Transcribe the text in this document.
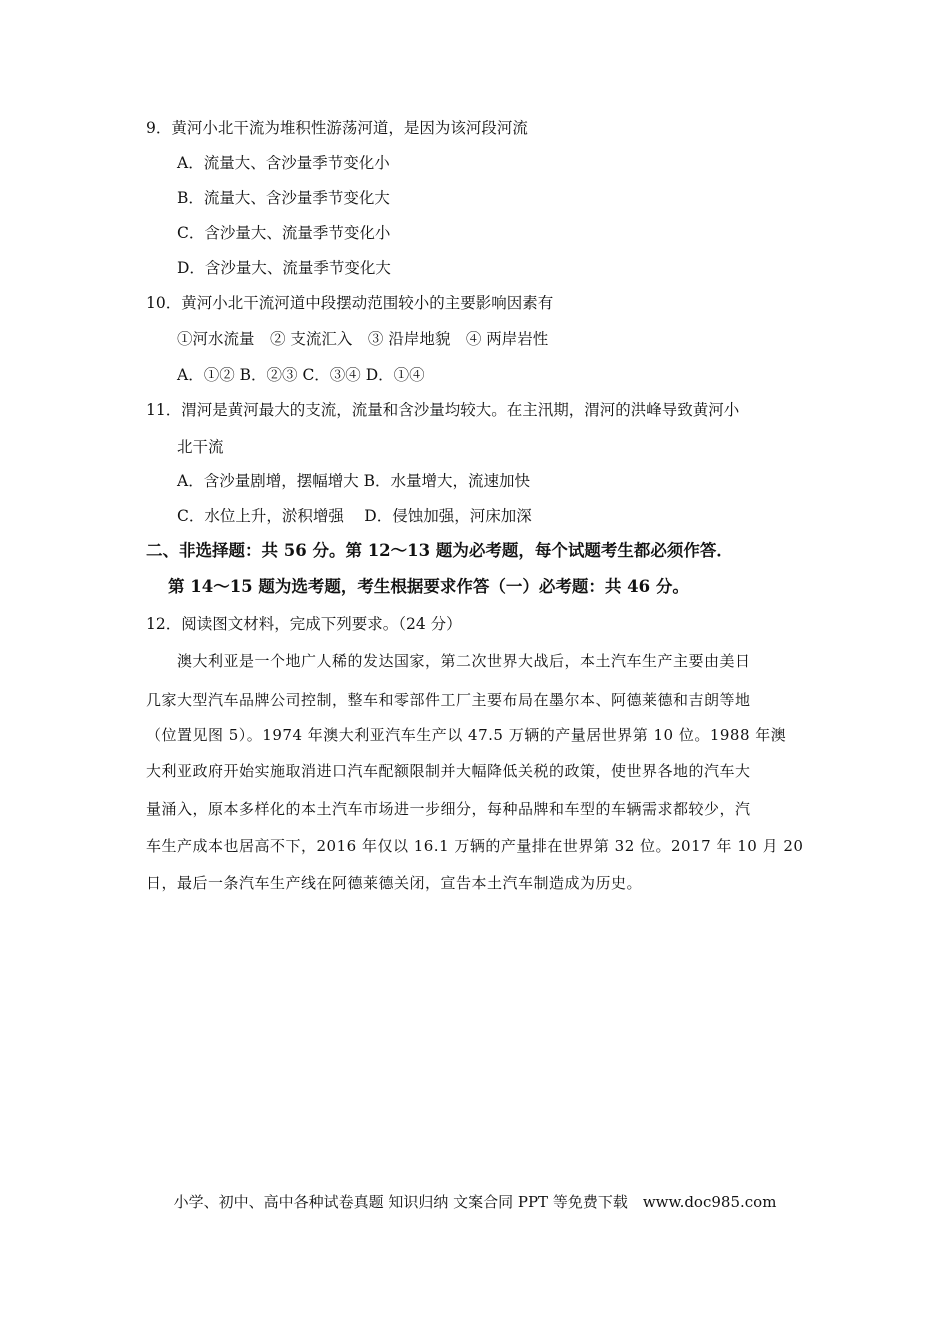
9．黄河小北干流为堆积性游荡河道，是因为该河段河流
A．流量大、含沙量季节变化小
B．流量大、含沙量季节变化大
C．含沙量大、流量季节变化小
D．含沙量大、流量季节变化大
10．黄河小北干流河道中段摆动范围较小的主要影响因素有
①河水流量　② 支流汇入　③ 沿岸地貌　④ 两岸岩性
A．①② B．②③ C．③④ D．①④
11．渭河是黄河最大的支流，流量和含沙量均较大。在主汛期，渭河的洪峰导致黄河小
北干流
A．含沙量剧增，摆幅增大 B．水量增大，流速加快
C．水位上升，淤积增强　 D．侵蚀加强，河床加深
二、非选择题：共 56 分。第 12～13 题为必考题，每个试题考生都必须作答．
第 14～15 题为选考题，考生根据要求作答（一）必考题：共 46 分。
12．阅读图文材料，完成下列要求。（24 分）
澳大利亚是一个地广人稀的发达国家，第二次世界大战后，本土汽车生产主要由美日
几家大型汽车品牌公司控制，整车和零部件工厂主要布局在墨尔本、阿德莱德和吉朗等地
（位置见图 5）。1974 年澳大利亚汽车生产以 47.5 万辆的产量居世界第 10 位。1988 年澳
大利亚政府开始实施取消进口汽车配额限制并大幅降低关税的政策，使世界各地的汽车大
量涌入，原本多样化的本土汽车市场进一步细分，每种品牌和车型的车辆需求都较少，汽
车生产成本也居高不下，2016 年仅以 16.1 万辆的产量排在世界第 32 位。2017 年 10 月 20
日，最后一条汽车生产线在阿德莱德关闭，宣告本土汽车制造成为历史。
小学、初中、高中各种试卷真题 知识归纳 文案合同 PPT 等免费下载　www.doc985.com
